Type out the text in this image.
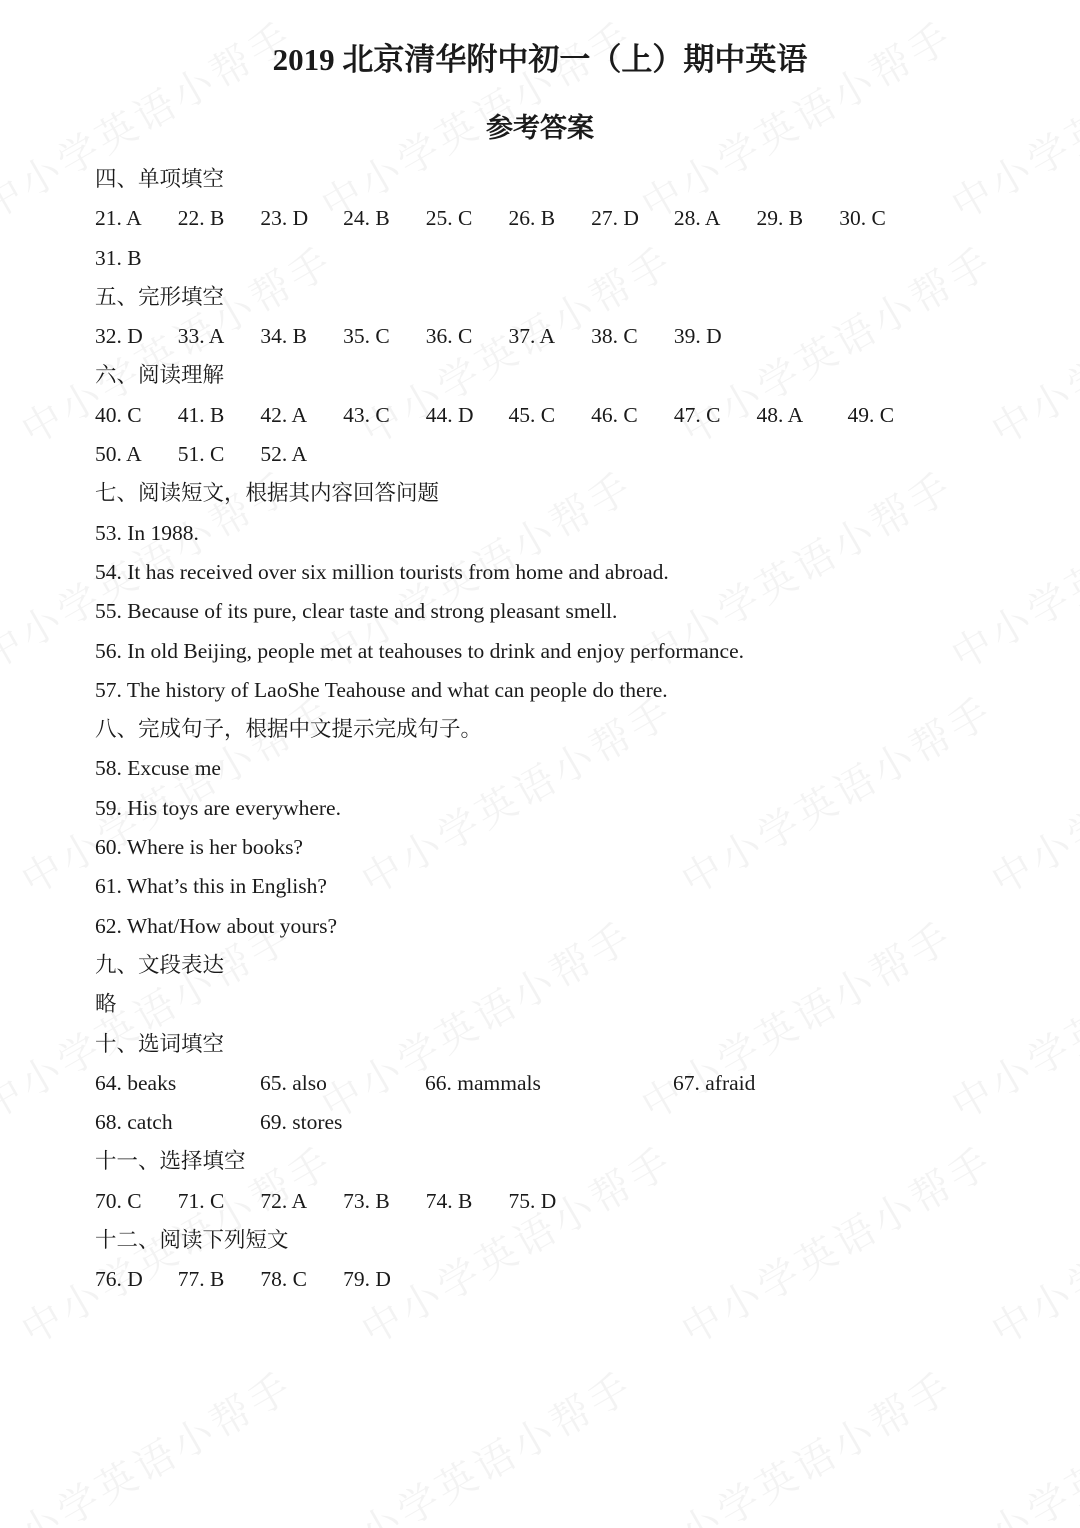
2019 北京清华附中初一（上）期中英语
参考答案
四、单项填空
21. A 22. B 23. D 24. B 25. C 26. B 27. D 28. A 29. B 30. C
31. B
五、完形填空
32. D 33. A 34. B 35. C 36. C 37. A 38. C 39. D
六、阅读理解
40. C 41. B 42. A 43. C 44. D 45. C 46. C 47. C 48. A 49. C
50. A 51. C 52. A
七、阅读短文，根据其内容回答问题
53. In 1988.
54. It has received over six million tourists from home and abroad.
55. Because of its pure, clear taste and strong pleasant smell.
56. In old Beijing, people met at teahouses to drink and enjoy performance.
57. The history of LaoShe Teahouse and what can people do there.
八、完成句子，根据中文提示完成句子。
58. Excuse me
59. His toys are everywhere.
60. Where is her books?
61. What’s this in English?
62. What/How about yours?
九、文段表达
略
十、选词填空
64. beaks	65. also	66. mammals	67. afraid
68. catch	69. stores
十一、选择填空
70. C 71. C 72. A 73. B 74. B 75. D
十二、阅读下列短文
76. D 77. B 78. C 79. D
